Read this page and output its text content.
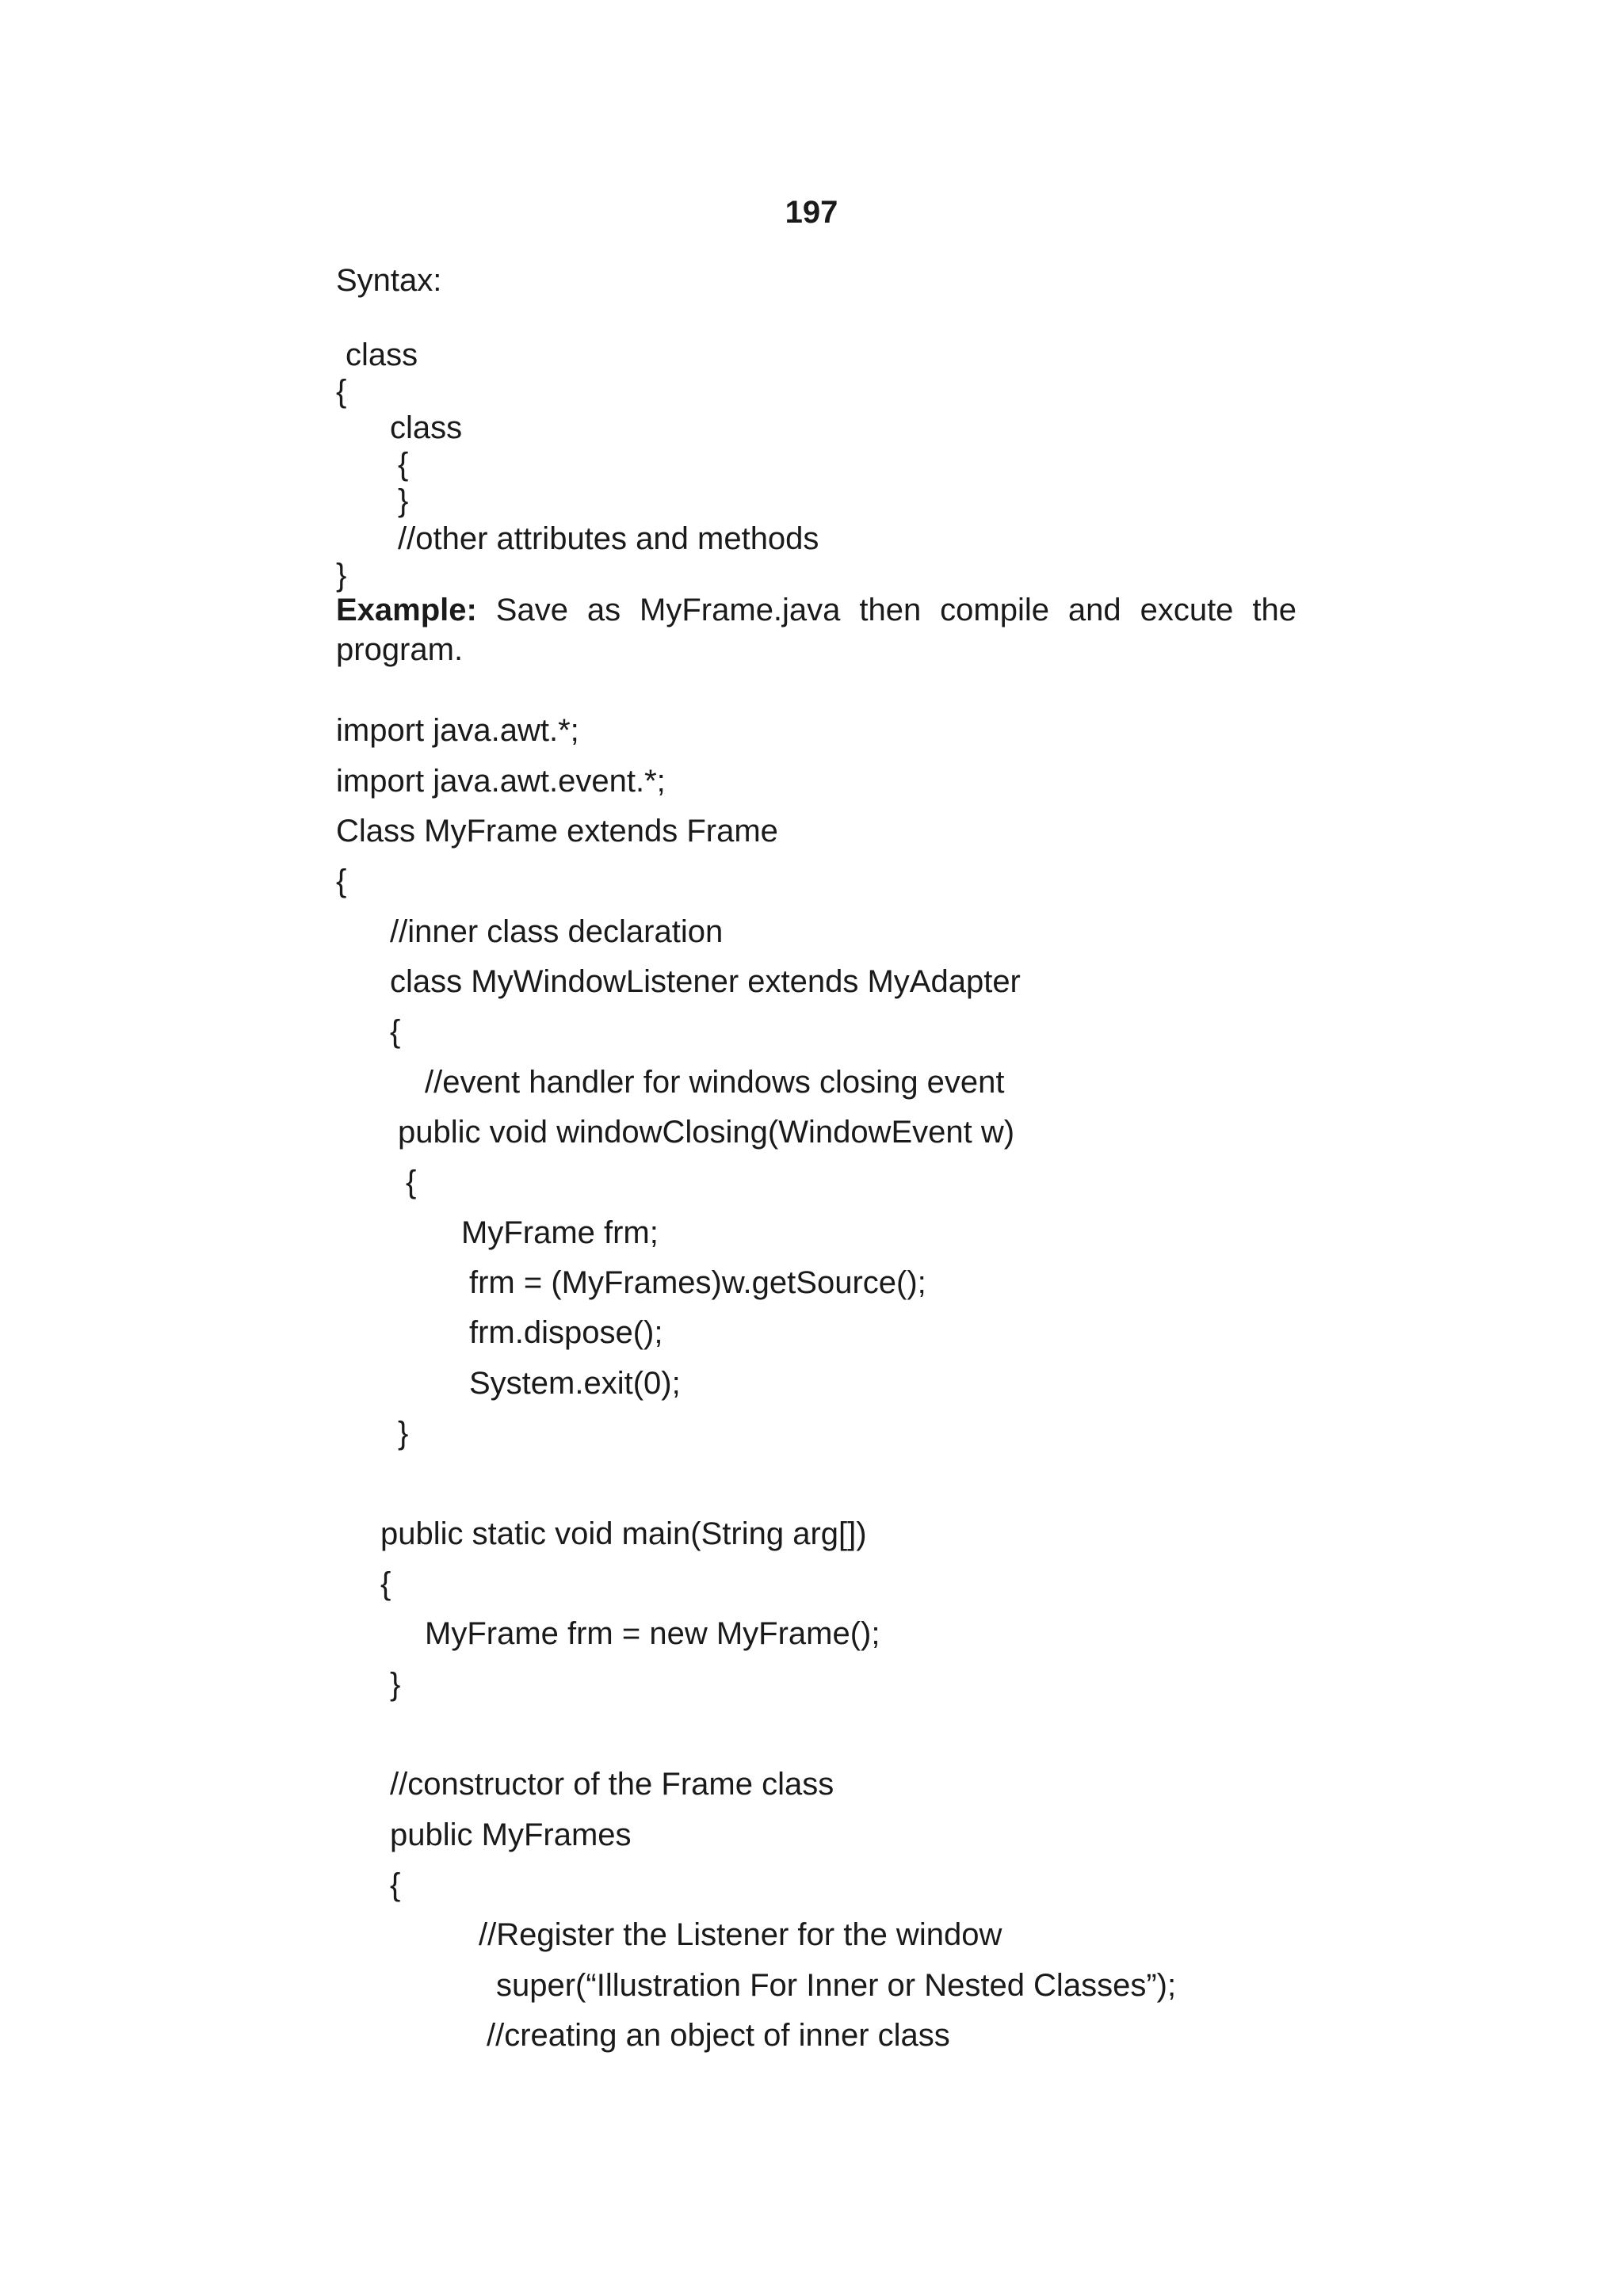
197
Syntax:
class
{
class
{
}
//other attributes and methods
}
Example: Save as MyFrame.java then compile and excute the
program.
import java.awt.*;
import java.awt.event.*;
Class MyFrame extends Frame
{
//inner class declaration
class MyWindowListener extends MyAdapter
{
//event handler for windows closing event
public void windowClosing(WindowEvent w)
{
MyFrame frm;
frm = (MyFrames)w.getSource();
frm.dispose();
System.exit(0);
}
public static void main(String arg[])
{
MyFrame frm = new MyFrame();
}
//constructor of the Frame class
public MyFrames
{
//Register the Listener for the window
super(“Illustration For Inner or Nested Classes”);
//creating an object of inner class
